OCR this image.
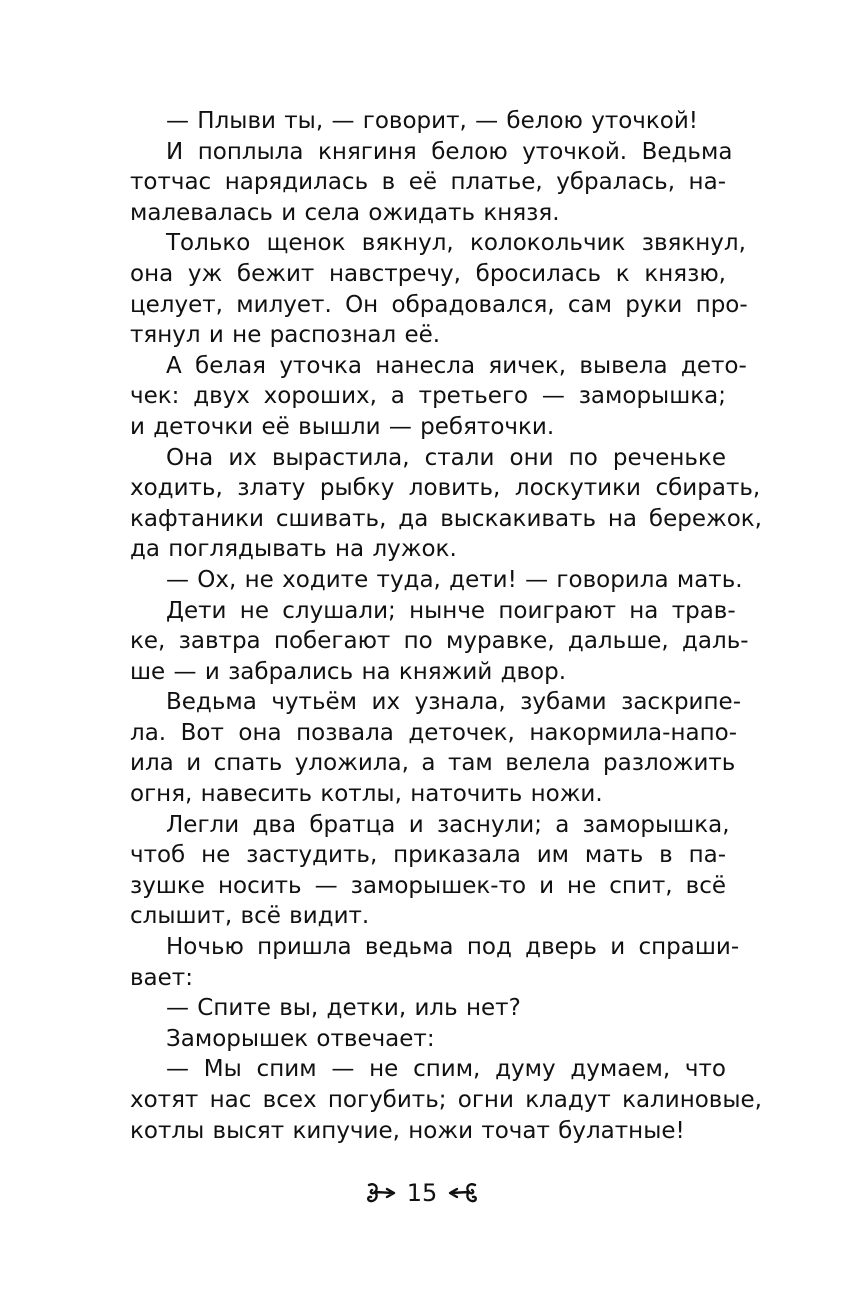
— Плыви ты, — говорит, — белою уточкой!
И поплыла княгиня белою уточкой. Ведьма
тотчас нарядилась в её платье, убралась, на-
малевалась и села ожидать князя.
Только щенок вякнул, колокольчик звякнул,
она уж бежит навстречу, бросилась к князю,
целует, милует. Он обрадовался, сам руки про-
тянул и не распознал её.
А белая уточка нанесла яичек, вывела дето-
чек: двух хороших, а третьего — заморышка;
и деточки её вышли — ребяточки.
Она их вырастила, стали они по реченьке
ходить, злату рыбку ловить, лоскутики сбирать,
кафтаники сшивать, да выскакивать на бережок,
да поглядывать на лужок.
— Ох, не ходите туда, дети! — говорила мать.
Дети не слушали; нынче поиграют на трав-
ке, завтра побегают по муравке, дальше, даль-
ше — и забрались на княжий двор.
Ведьма чутьём их узнала, зубами заскрипе-
ла. Вот она позвала деточек, накормила-напо-
ила и спать уложила, а там велела разложить
огня, навесить котлы, наточить ножи.
Легли два братца и заснули; а заморышка,
чтоб не застудить, приказала им мать в па-
зушке носить — заморышек-то и не спит, всё
слышит, всё видит.
Ночью пришла ведьма под дверь и спраши-
вает:
— Спите вы, детки, иль нет?
Заморышек отвечает:
— Мы спим — не спим, думу думаем, что
хотят нас всех погубить; огни кладут калиновые,
котлы высят кипучие, ножи точат булатные!
15
